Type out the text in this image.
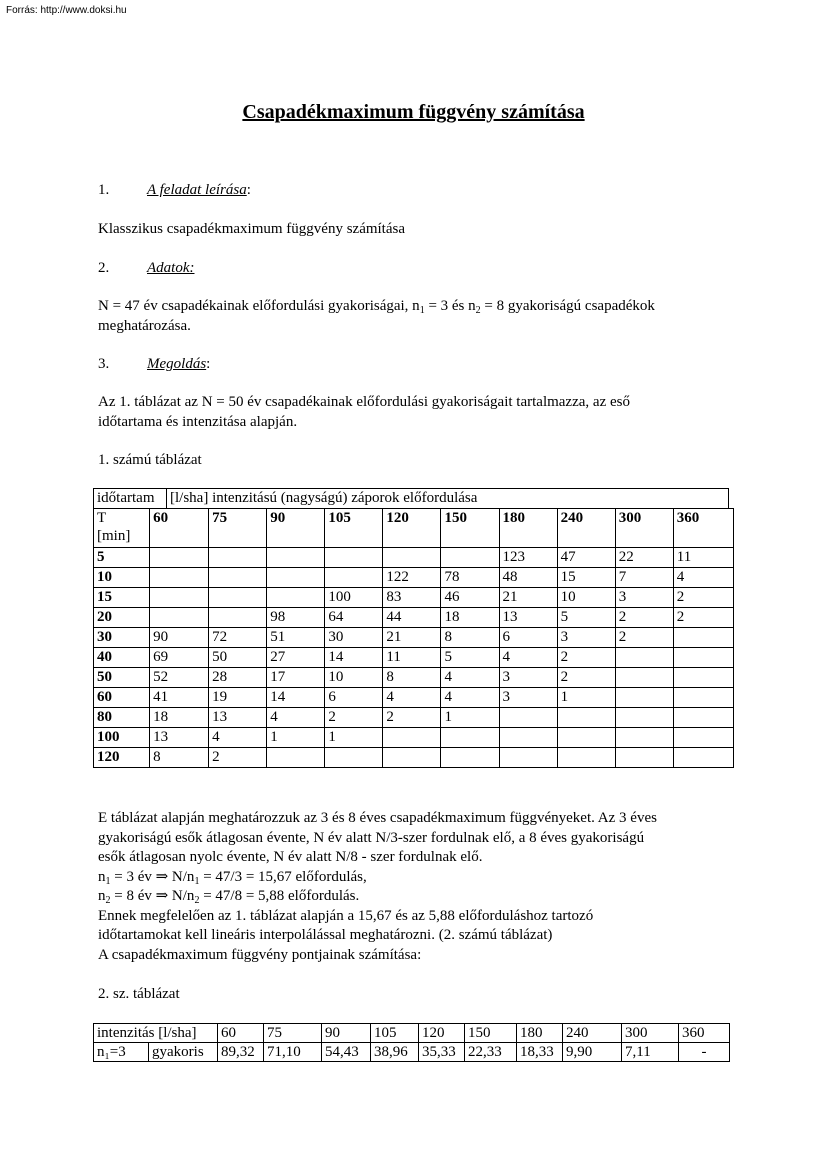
Forrás: http://www.doksi.hu
Csapadékmaximum függvény számítása

1.	A feladat leírása:

Klasszikus csapadékmaximum függvény számítása

2.	Adatok:

N = 47 év csapadékainak előfordulási gyakoriságai, $n_1 = 3$ és $n_2 = 8$ gyakoriságú csapadékok
meghatározása.

3.	Megoldás:

Az 1. táblázat az N = 50 év csapadékainak előfordulási gyakoriságait tartalmazza, az eső
időtartama és intenzitása alapján.

1. számú táblázat

időtartam	[l/sha] intenzitású (nagyságú) záporok előfordulása
T
[min]	60	75	90	105	120	150	180	240	300	360
5							123	47	22	11
10					122	78	48	15	7	4
15				100	83	46	21	10	3	2
20			98	64	44	18	13	5	2	2
30	90	72	51	30	21	8	6	3	2	
40	69	50	27	14	11	5	4	2		
50	52	28	17	10	8	4	3	2		
60	41	19	14	6	4	4	3	1		
80	18	13	4	2	2	1				
100	13	4	1	1						
120	8	2								

E táblázat alapján meghatározzuk az 3 és 8 éves csapadékmaximum függvényeket. Az 3 éves
gyakoriságú esők átlagosan évente, N év alatt N/3-szer fordulnak elő, a 8 éves gyakoriságú
esők átlagosan nyolc évente, N év alatt N/8 - szer fordulnak elő.
$n_1 = 3$ év ⇒ $N/n_1 = 47/3 = 15,67$ előfordulás,
$n_2 = 8$ év ⇒ $N/n_2 = 47/8 = 5,88$ előfordulás.
Ennek megfelelően az 1. táblázat alapján a 15,67 és az 5,88 előforduláshoz tartozó
időtartamokat kell lineáris interpolálással meghatározni. (2. számú táblázat)
A csapadékmaximum függvény pontjainak számítása:

2. sz. táblázat

intenzitás [l/sha]		60	75	90	105	120	150	180	240	300	360
n₁=3	gyakoris	89,32	71,10	54,43	38,96	35,33	22,33	18,33	9,90	7,11	-
